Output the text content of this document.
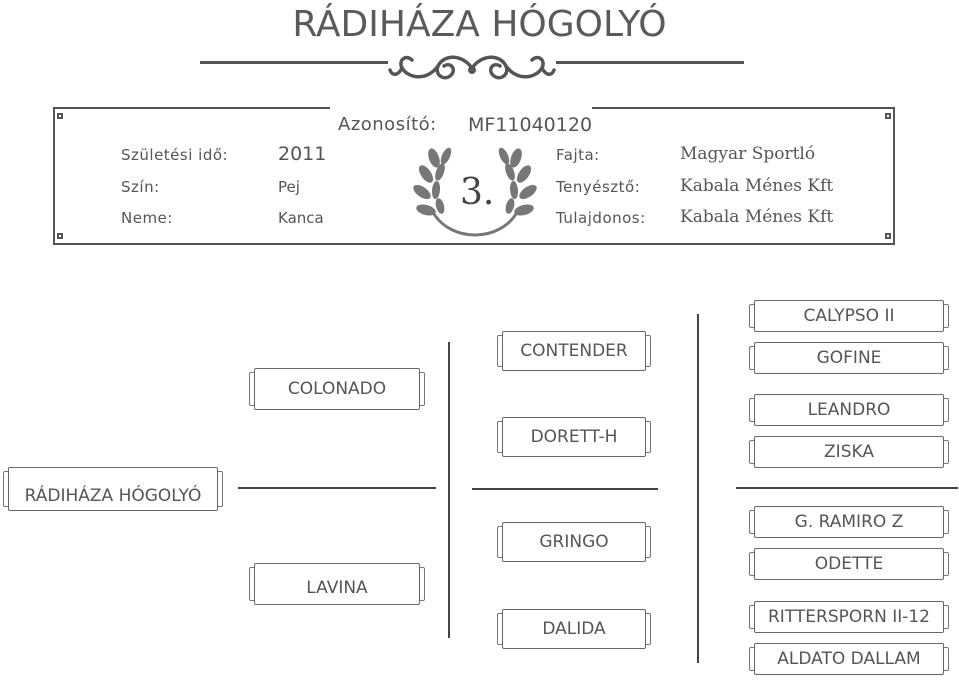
RÁDIHÁZA HÓGOLYÓ
Azonosító: MF11040120
Születési idő:	2011
Szín:	Pej
Neme:	Kanca
Fajta:	Magyar Sportló
Tenyésztő: Kabala Ménes Kft
Tulajdonos: Kabala Ménes Kft
3.
RÁDIHÁZA HÓGOLYÓ
COLONADO
LAVINA
CONTENDER
DORETT-H
GRINGO
DALIDA
CALYPSO II
GOFINE
LEANDRO
ZISKA
G. RAMIRO Z
ODETTE
RITTERSPORN II-12
ALDATO DALLAM
